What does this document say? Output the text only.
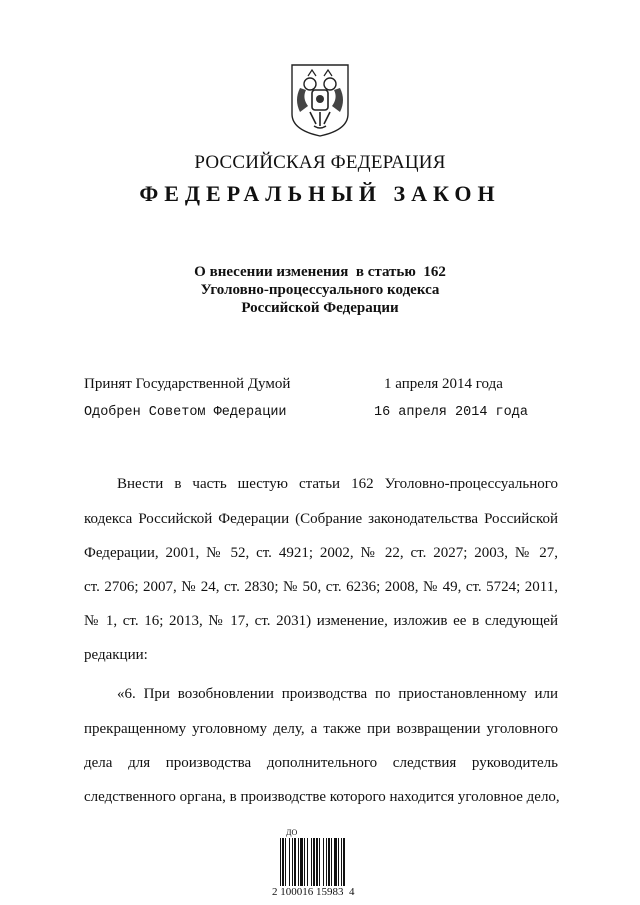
РОССИЙСКАЯ ФЕДЕРАЦИЯ
ФЕДЕРАЛЬНЫЙ ЗАКОН
О внесении изменения  в статью  162
Уголовно-процессуального кодекса
Российской Федерации
Принят Государственной Думой	1 апреля 2014 года
Одобрен Советом Федерации	16 апреля 2014 года
Внести в часть шестую статьи 162 Уголовно-процессуального
кодекса Российской Федерации (Собрание законодательства Российской
Федерации, 2001, № 52, ст. 4921; 2002, № 22, ст. 2027; 2003, № 27,
ст. 2706; 2007, № 24, ст. 2830; № 50, ст. 6236; 2008, № 49, ст. 5724; 2011,
№ 1, ст. 16; 2013, № 17, ст. 2031) изменение, изложив ее в следующей
редакции:
«6. При возобновлении производства по приостановленному или
прекращенному уголовному делу, а также при возвращении уголовного
дела для производства дополнительного следствия руководитель
следственного органа, в производстве которого находится уголовное дело,
ДО
2 100016 15983  4
